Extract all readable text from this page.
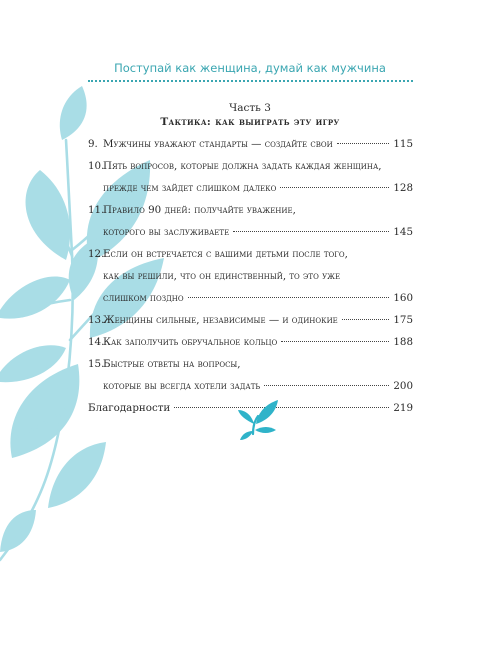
Поступай как женщина, думай как мужчина
Часть 3
Тактика: как выиграть эту игру
9. Мужчины уважают стандарты — создайте свои	115
10.
Пять вопросов, которые должна задать каждая женщина,
прежде чем зайдет слишком далеко	128
11.
Правило 90 дней: получайте уважение,
которого вы заслуживаете	145
12.
Если он встречается с вашими детьми после того,
как вы решили, что он единственный, то это уже
слишком поздно	160
13.
Женщины сильные, независимые — и одинокие	175
14.
Как заполучить обручальное кольцо	188
15.
Быстрые ответы на вопросы,
которые вы всегда хотели задать	200
Благодарности	219
